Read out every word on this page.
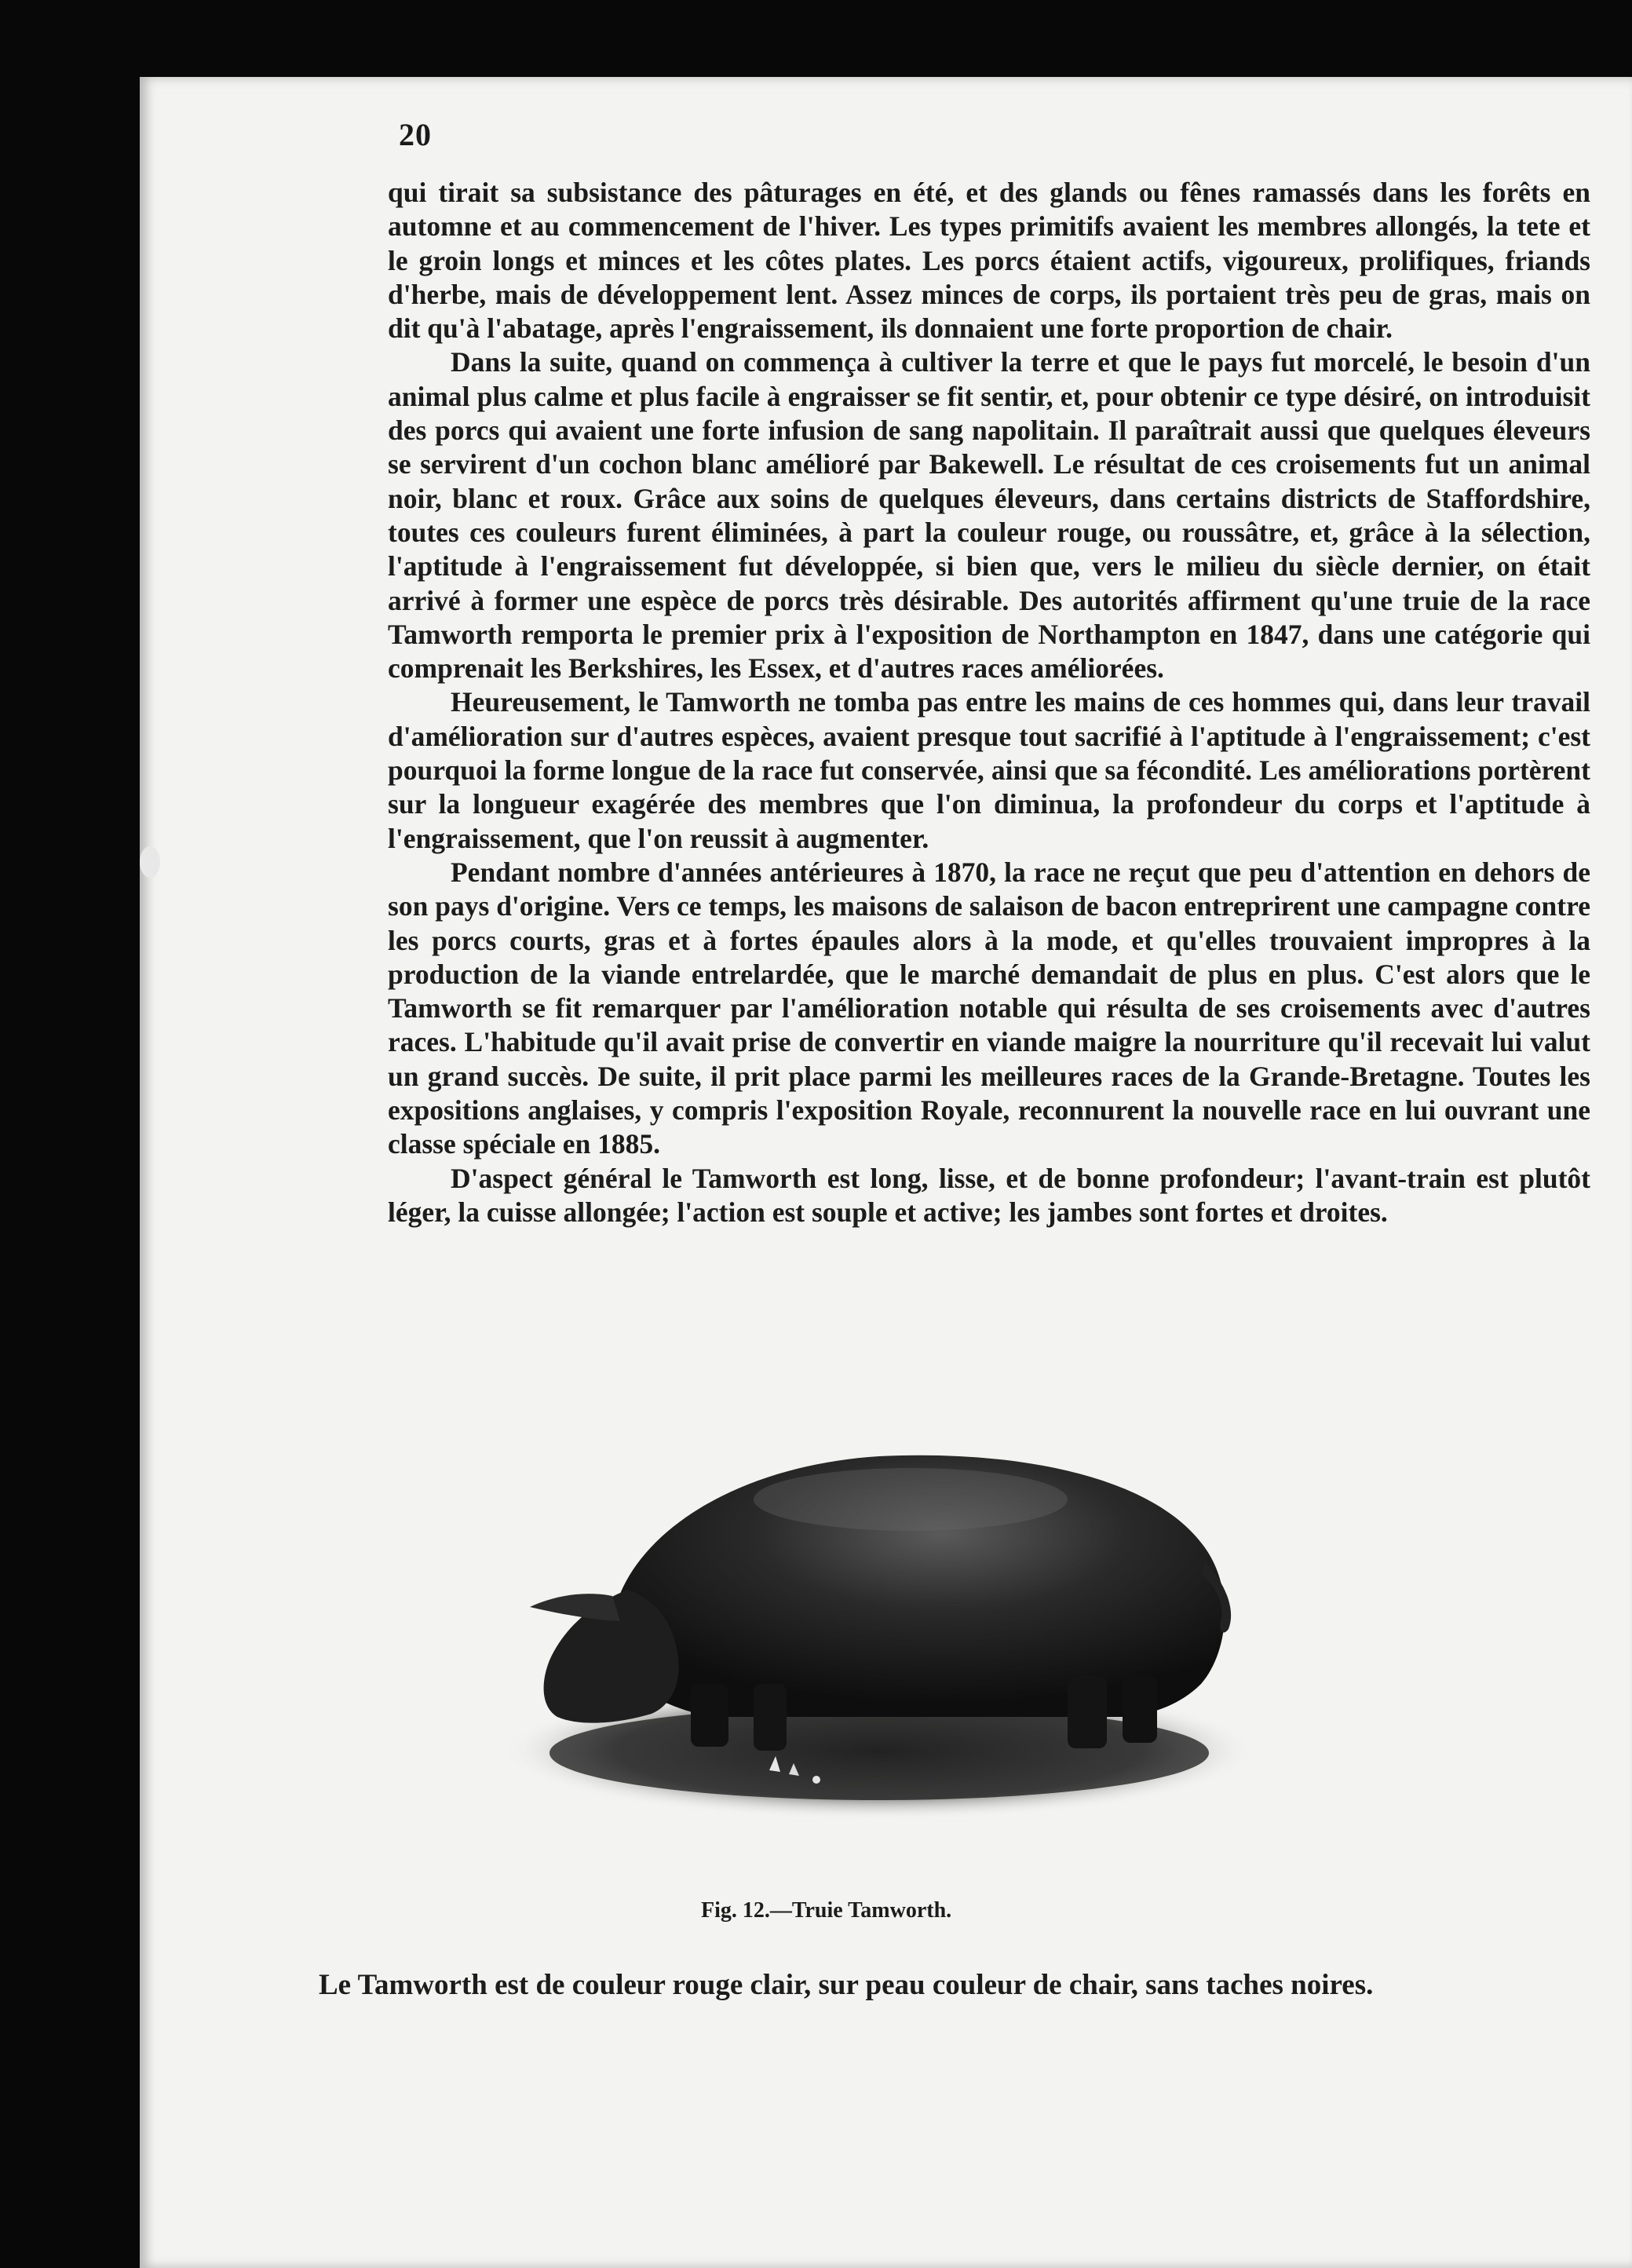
20

qui tirait sa subsistance des pâturages en été, et des glands ou fênes ramassés dans les forêts en automne et au commencement de l'hiver. Les types primitifs avaient les membres allongés, la tete et le groin longs et minces et les côtes plates. Les porcs étaient actifs, vigoureux, prolifiques, friands d'herbe, mais de développement lent. Assez minces de corps, ils portaient très peu de gras, mais on dit qu'à l'abatage, après l'engraissement, ils donnaient une forte proportion de chair.

Dans la suite, quand on commença à cultiver la terre et que le pays fut morcelé, le besoin d'un animal plus calme et plus facile à engraisser se fit sentir, et, pour obtenir ce type désiré, on introduisit des porcs qui avaient une forte infusion de sang napolitain. Il paraîtrait aussi que quelques éleveurs se servirent d'un cochon blanc amélioré par Bakewell. Le résultat de ces croisements fut un animal noir, blanc et roux. Grâce aux soins de quelques éleveurs, dans certains districts de Staffordshire, toutes ces couleurs furent éliminées, à part la couleur rouge, ou roussâtre, et, grâce à la sélection, l'aptitude à l'engraissement fut développée, si bien que, vers le milieu du siècle dernier, on était arrivé à former une espèce de porcs très désirable. Des autorités affirment qu'une truie de la race Tamworth remporta le premier prix à l'exposition de Northampton en 1847, dans une catégorie qui comprenait les Berkshires, les Essex, et d'autres races améliorées.

Heureusement, le Tamworth ne tomba pas entre les mains de ces hommes qui, dans leur travail d'amélioration sur d'autres espèces, avaient presque tout sacrifié à l'aptitude à l'engraissement; c'est pourquoi la forme longue de la race fut conservée, ainsi que sa fécondité. Les améliorations portèrent sur la longueur exagérée des membres que l'on diminua, la profondeur du corps et l'aptitude à l'engraissement, que l'on reussit à augmenter.

Pendant nombre d'années antérieures à 1870, la race ne reçut que peu d'attention en dehors de son pays d'origine. Vers ce temps, les maisons de salaison de bacon entreprirent une campagne contre les porcs courts, gras et à fortes épaules alors à la mode, et qu'elles trouvaient impropres à la production de la viande entrelardée, que le marché demandait de plus en plus. C'est alors que le Tamworth se fit remarquer par l'amélioration notable qui résulta de ses croisements avec d'autres races. L'habitude qu'il avait prise de convertir en viande maigre la nourriture qu'il recevait lui valut un grand succès. De suite, il prit place parmi les meilleures races de la Grande-Bretagne. Toutes les expositions anglaises, y compris l'exposition Royale, reconnurent la nouvelle race en lui ouvrant une classe spéciale en 1885.

D'aspect général le Tamworth est long, lisse, et de bonne profondeur; l'avant-train est plutôt léger, la cuisse allongée; l'action est souple et active; les jambes sont fortes et droites.

Fig. 12.—Truie Tamworth.

Le Tamworth est de couleur rouge clair, sur peau couleur de chair, sans taches noires.
